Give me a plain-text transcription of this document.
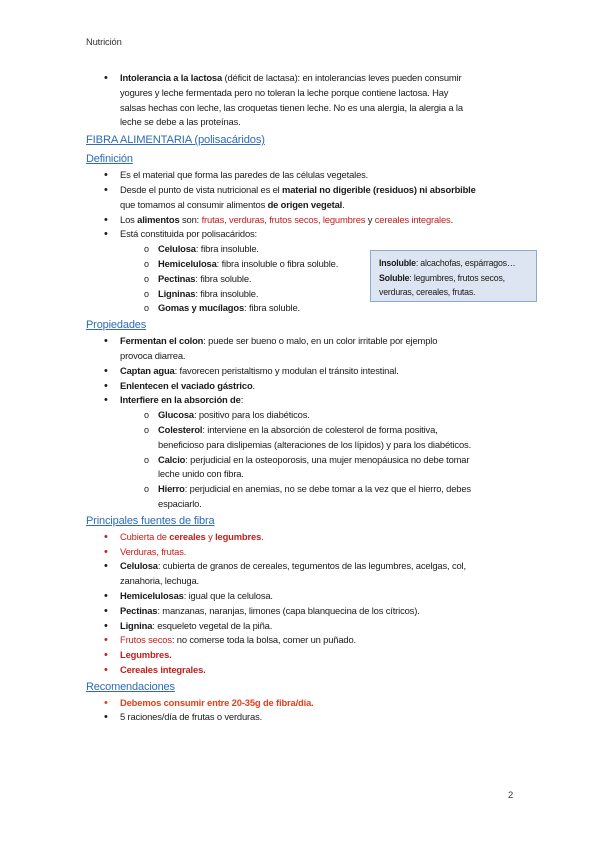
Nutrición
• Intolerancia a la lactosa (déficit de lactasa): en intolerancias leves pueden consumir
yogures y leche fermentada pero no toleran la leche porque contiene lactosa. Hay
salsas hechas con leche, las croquetas tienen leche. No es una alergia, la alergia a la
leche se debe a las proteínas.
FIBRA ALIMENTARIA (polisacáridos)
Definición
• Es el material que forma las paredes de las células vegetales.
• Desde el punto de vista nutricional es el material no digerible (residuos) ni absorbible
que tomamos al consumir alimentos de origen vegetal.
• Los alimentos son: frutas, verduras, frutos secos, legumbres y cereales integrales.
• Está constituida por polisacáridos:
o Celulosa: fibra insoluble.
o Hemicelulosa: fibra insoluble o fibra soluble.
o Pectinas: fibra soluble.
o Ligninas: fibra insoluble.
o Gomas y mucílagos: fibra soluble.
Propiedades
• Fermentan el colon: puede ser bueno o malo, en un color irritable por ejemplo
provoca diarrea.
• Captan agua: favorecen peristaltismo y modulan el tránsito intestinal.
• Enlentecen el vaciado gástrico.
• Interfiere en la absorción de:
o Glucosa: positivo para los diabéticos.
o Colesterol: interviene en la absorción de colesterol de forma positiva,
beneficioso para dislipemias (alteraciones de los lípidos) y para los diabéticos.
o Calcio: perjudicial en la osteoporosis, una mujer menopáusica no debe tomar
leche unido con fibra.
o Hierro: perjudicial en anemias, no se debe tomar a la vez que el hierro, debes
espaciarlo.
Principales fuentes de fibra
• Cubierta de cereales y legumbres.
• Verduras, frutas.
• Celulosa: cubierta de granos de cereales, tegumentos de las legumbres, acelgas, col,
zanahoria, lechuga.
• Hemicelulosas: igual que la celulosa.
• Pectinas: manzanas, naranjas, limones (capa blanquecina de los cítricos).
• Lignina: esqueleto vegetal de la piña.
• Frutos secos: no comerse toda la bolsa, comer un puñado.
• Legumbres.
• Cereales integrales.
Recomendaciones
• Debemos consumir entre 20-35g de fibra/día.
• 5 raciones/día de frutas o verduras.
Insoluble: alcachofas, espárragos…
Soluble: legumbres, frutos secos,
verduras, cereales, frutas.
2
